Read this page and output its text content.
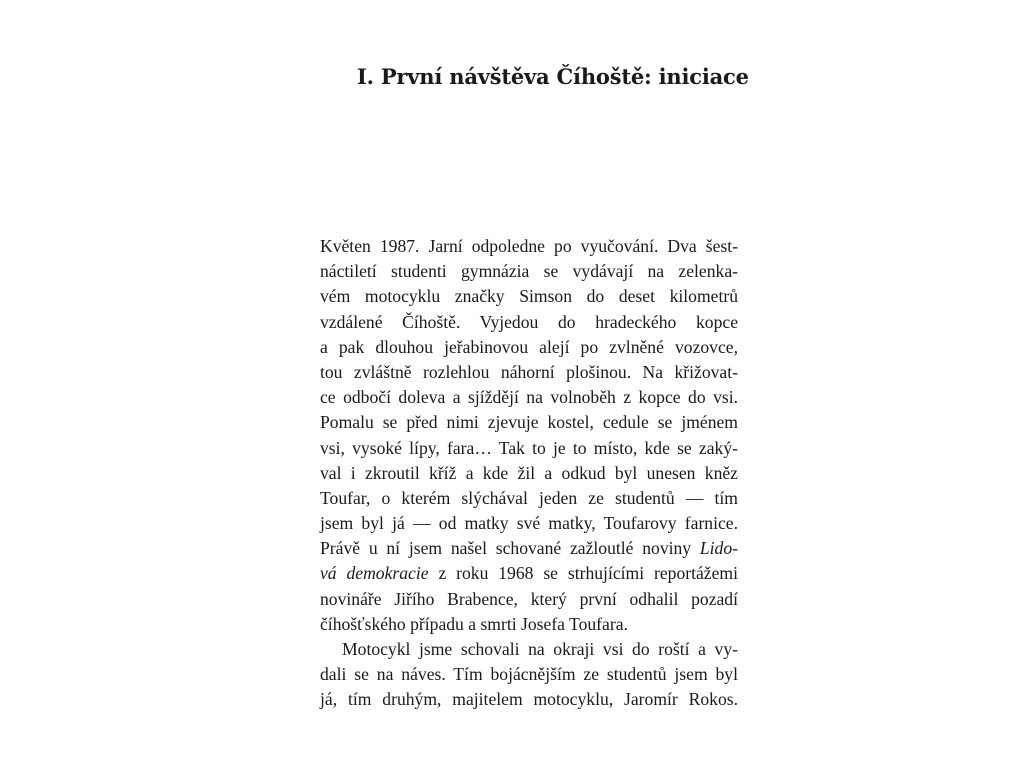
I. První návštěva Číhoště: iniciace
Květen 1987. Jarní odpoledne po vyučování. Dva šest-
náctiletí studenti gymnázia se vydávají na zelenka-
vém motocyklu značky Simson do deset kilometrů
vzdálené Číhoště. Vyjedou do hradeckého kopce
a pak dlouhou jeřabinovou alejí po zvlněné vozovce,
tou zvláštně rozlehlou náhorní plošinou. Na křižovat-
ce odbočí doleva a sjíždějí na volnoběh z kopce do vsi.
Pomalu se před nimi zjevuje kostel, cedule se jménem
vsi, vysoké lípy, fara… Tak to je to místo, kde se zaký-
val i zkroutil kříž a kde žil a odkud byl unesen kněz
Toufar, o kterém slýchával jeden ze studentů — tím
jsem byl já — od matky své matky, Toufarovy farnice.
Právě u ní jsem našel schované zažloutlé noviny Lido-
vá demokracie z roku 1968 se strhujícími reportážemi
novináře Jiřího Brabence, který první odhalil pozadí
číhošťského případu a smrti Josefa Toufara.
Motocykl jsme schovali na okraji vsi do roští a vy-
dali se na náves. Tím bojácnějším ze studentů jsem byl
já, tím druhým, majitelem motocyklu, Jaromír Rokos.
